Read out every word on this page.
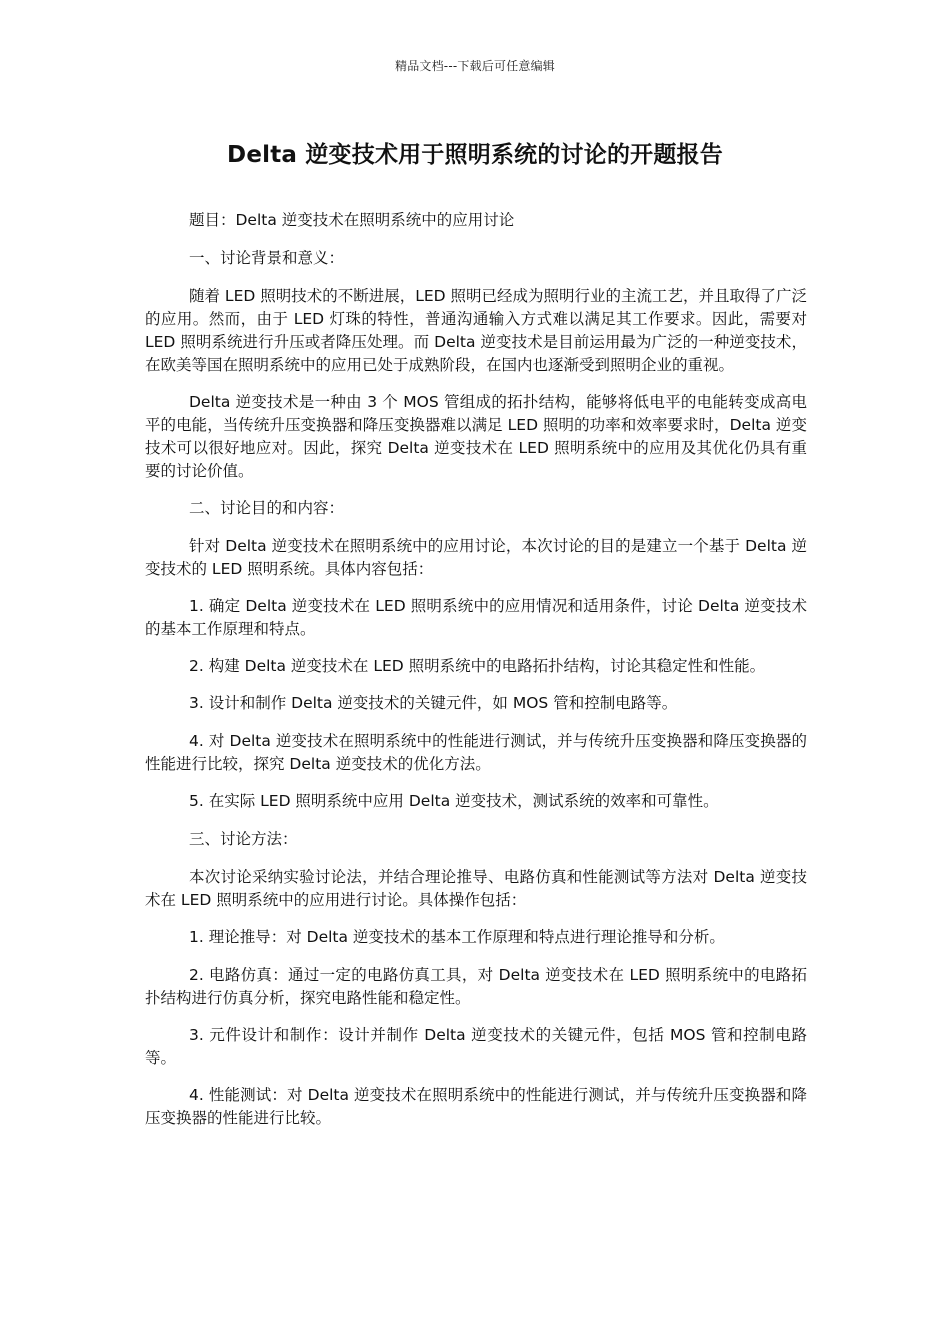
精品文档---下载后可任意编辑
Delta 逆变技术用于照明系统的讨论的开题报告

题目：Delta 逆变技术在照明系统中的应用讨论

一、讨论背景和意义：

随着 LED 照明技术的不断进展，LED 照明已经成为照明行业的主流工艺，并且取得了广泛的应用。然而，由于 LED 灯珠的特性，普通沟通输入方式难以满足其工作要求。因此，需要对 LED 照明系统进行升压或者降压处理。而 Delta 逆变技术是目前运用最为广泛的一种逆变技术，在欧美等国在照明系统中的应用已处于成熟阶段，在国内也逐渐受到照明企业的重视。

Delta 逆变技术是一种由 3 个 MOS 管组成的拓扑结构，能够将低电平的电能转变成高电平的电能，当传统升压变换器和降压变换器难以满足 LED 照明的功率和效率要求时，Delta 逆变技术可以很好地应对。因此，探究 Delta 逆变技术在 LED 照明系统中的应用及其优化仍具有重要的讨论价值。

二、讨论目的和内容：

针对 Delta 逆变技术在照明系统中的应用讨论，本次讨论的目的是建立一个基于 Delta 逆变技术的 LED 照明系统。具体内容包括：

1. 确定 Delta 逆变技术在 LED 照明系统中的应用情况和适用条件，讨论 Delta 逆变技术的基本工作原理和特点。

2. 构建 Delta 逆变技术在 LED 照明系统中的电路拓扑结构，讨论其稳定性和性能。

3. 设计和制作 Delta 逆变技术的关键元件，如 MOS 管和控制电路等。

4. 对 Delta 逆变技术在照明系统中的性能进行测试，并与传统升压变换器和降压变换器的性能进行比较，探究 Delta 逆变技术的优化方法。

5. 在实际 LED 照明系统中应用 Delta 逆变技术，测试系统的效率和可靠性。

三、讨论方法：

本次讨论采纳实验讨论法，并结合理论推导、电路仿真和性能测试等方法对 Delta 逆变技术在 LED 照明系统中的应用进行讨论。具体操作包括：

1. 理论推导：对 Delta 逆变技术的基本工作原理和特点进行理论推导和分析。

2. 电路仿真：通过一定的电路仿真工具，对 Delta 逆变技术在 LED 照明系统中的电路拓扑结构进行仿真分析，探究电路性能和稳定性。

3. 元件设计和制作：设计并制作 Delta 逆变技术的关键元件，包括 MOS 管和控制电路等。

4. 性能测试：对 Delta 逆变技术在照明系统中的性能进行测试，并与传统升压变换器和降压变换器的性能进行比较。
